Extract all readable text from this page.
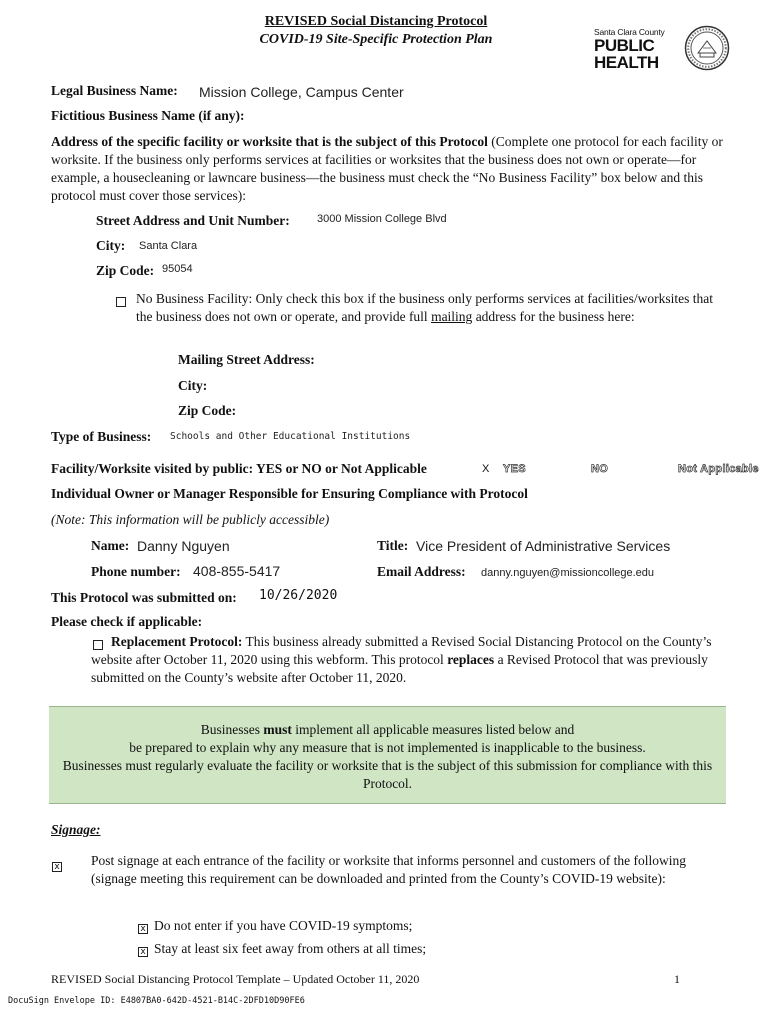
REVISED Social Distancing Protocol
COVID-19 Site-Specific Protection Plan	Santa Clara County
PUBLIC
HEALTH
Legal Business Name: Mission College, Campus Center
Fictitious Business Name (if any):
Address of the specific facility or worksite that is the subject of this Protocol (Complete one protocol for each facility or worksite. If the business only performs services at facilities or worksites that the business does not own or operate—for example, a housecleaning or lawncare business—the business must check the “No Business Facility” box below and this protocol must cover those services):
Street Address and Unit Number: 3000 Mission College Blvd
City: Santa Clara
Zip Code: 95054
No Business Facility: Only check this box if the business only performs services at facilities/worksites that the business does not own or operate, and provide full mailing address for the business here:
Mailing Street Address:
City:
Zip Code:
Type of Business: Schools and Other Educational Institutions
Facility/Worksite visited by public: YES or NO or Not Applicable	X YES	NO	Not Applicable
Individual Owner or Manager Responsible for Ensuring Compliance with Protocol
(Note: This information will be publicly accessible)
Name: Danny Nguyen	Title: Vice President of Administrative Services
Phone number: 408-855-5417	Email Address: danny.nguyen@missioncollege.edu
This Protocol was submitted on: 10/26/2020
Please check if applicable:
Replacement Protocol: This business already submitted a Revised Social Distancing Protocol on the County’s website after October 11, 2020 using this webform. This protocol replaces a Revised Protocol that was previously submitted on the County’s website after October 11, 2020.
Businesses must implement all applicable measures listed below and
be prepared to explain why any measure that is not implemented is inapplicable to the business.
Businesses must regularly evaluate the facility or worksite that is the subject of this submission for compliance with this Protocol.
Signage:
x	Post signage at each entrance of the facility or worksite that informs personnel and customers of the following (signage meeting this requirement can be downloaded and printed from the County’s COVID-19 website):
x Do not enter if you have COVID-19 symptoms;
x Stay at least six feet away from others at all times;
REVISED Social Distancing Protocol Template – Updated October 11, 2020	1
DocuSign Envelope ID: E4807BA0-642D-4521-B14C-2DFD10D90FE6
